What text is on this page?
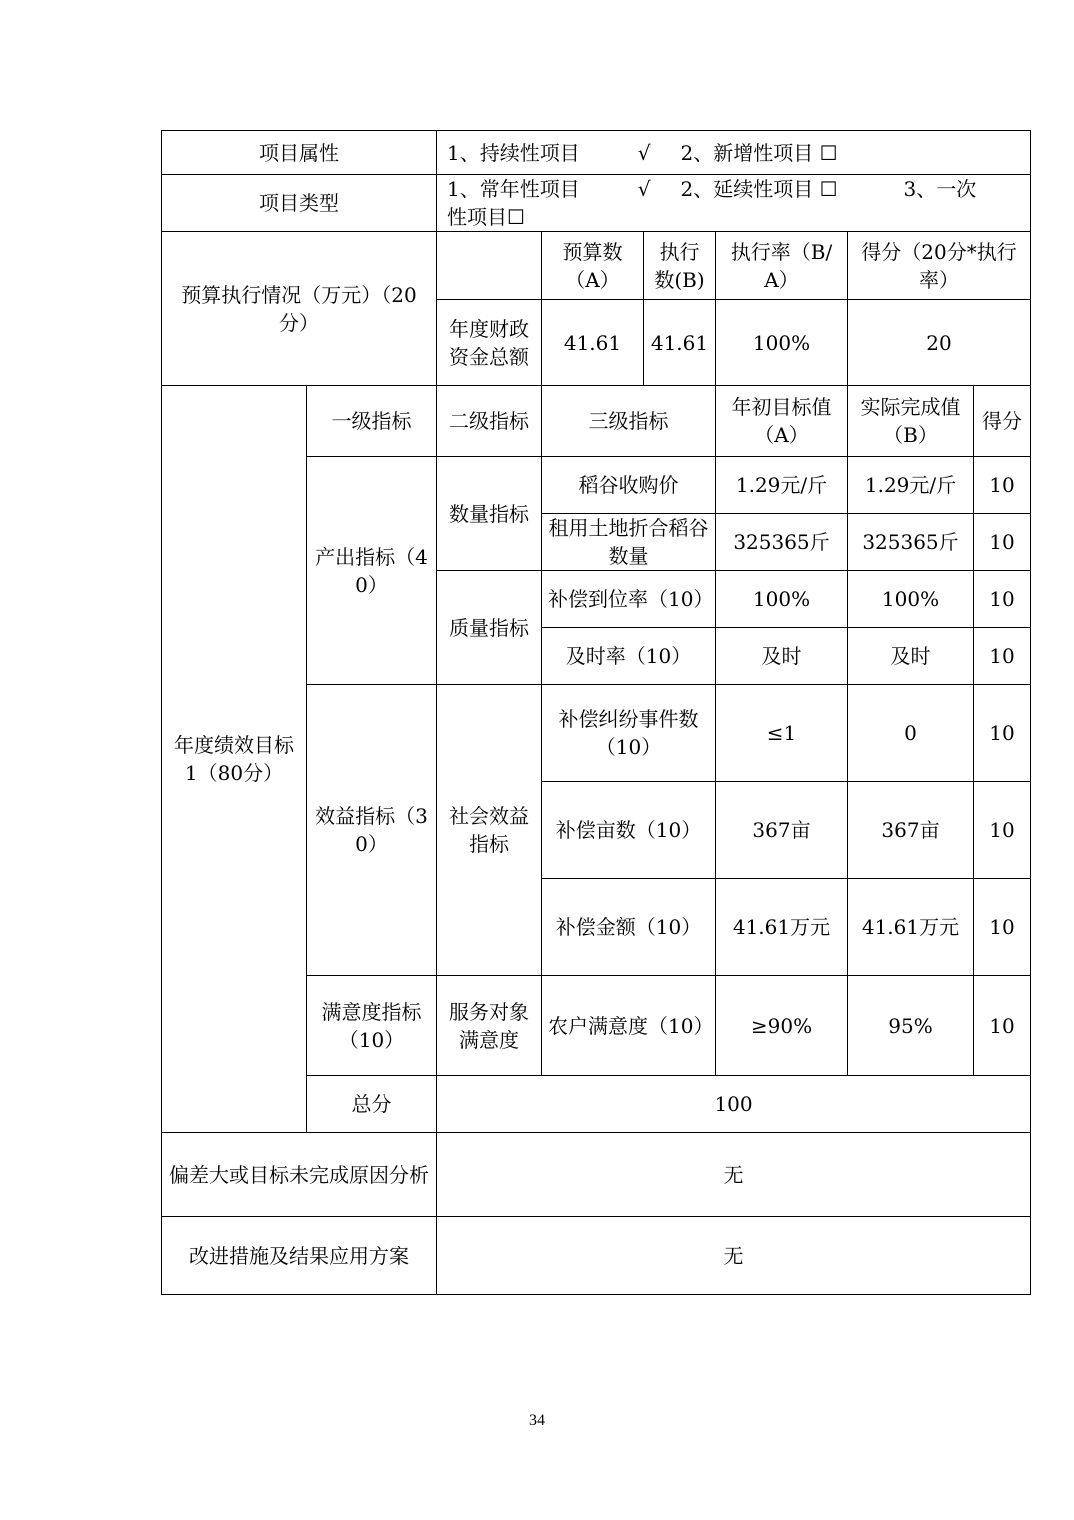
项目属性		1、持续性项目 √ 2、新增性项目 ☐					
项目类型		1、常年性项目 √ 2、延续性项目 ☐ 3、一次
性项目☐					

预算执行情况（万元）（20分）			预算数（A）	执行数(B)	执行率（B/A）	得分（20分*执行率）	
		年度财政资金总额	41.61	41.61	100%	20	
年度绩效目标1（80分）	一级指标	二级指标	三级指标		年初目标值（A）	实际完成值（B）	得分
	产出指标（40）	数量指标	稻谷收购价		1.29元/斤	1.29元/斤	10
			租用土地折合稻谷数量		325365斤	325365斤	10
		质量指标	补偿到位率（10）		100%	100%	10
			及时率（10）		及时	及时	10
	效益指标（30）	社会效益指标	补偿纠纷事件数（10）		≤1	0	10
			补偿亩数（10）		367亩	367亩	10
			补偿金额（10）		41.61万元	41.61万元	10
	满意度指标（10）	服务对象满意度	农户满意度（10）		≥90%	95%	10
	总分	100					
偏差大或目标未完成原因分析		无					
改进措施及结果应用方案		无					
34
